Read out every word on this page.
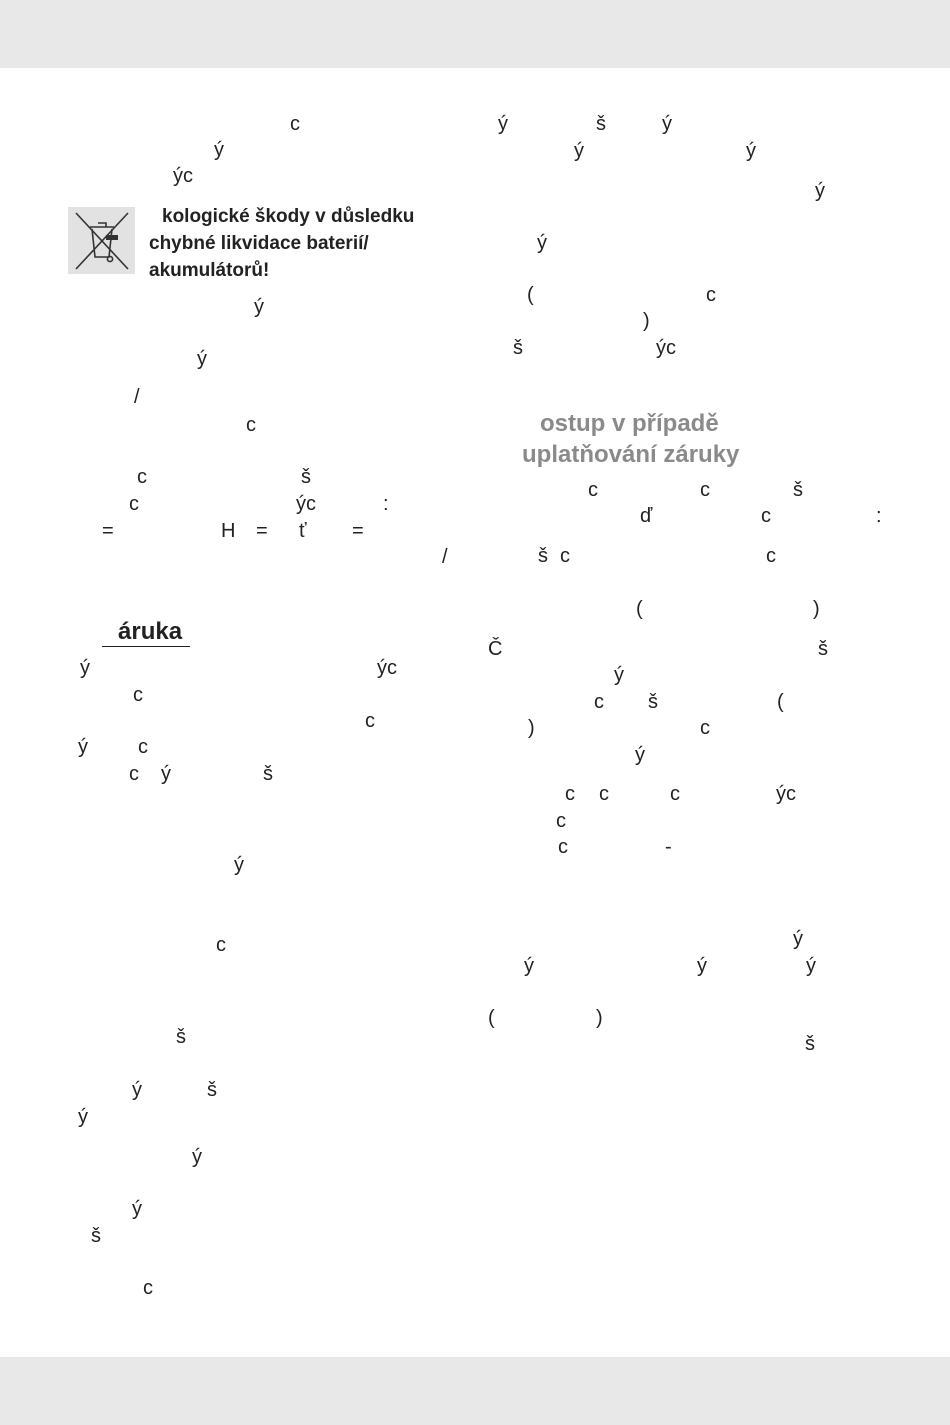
c
ý
ýc
kologické škody v důsledku
chybné likvidace baterií/
akumulátorů!
ý
ý
/
c
c	š
c	ýc	:
=	H = ť =
/
áruka
ý	ýc
c
c
ý	c
c ý	š
ý
c
š
ý	š
ý
ý
ý
š
c
ý	š	ý
ý	ý
ý
ý
(	c
)
š	ýc
ostup v případě
uplatňování záruky
c	c	š
ď	c	:
š c	c
(	)
Č	š
ý
c š	(
)	c
ý
c c	c	ýc
c
c	-
ý
ý	ý	ý
(	)
š
